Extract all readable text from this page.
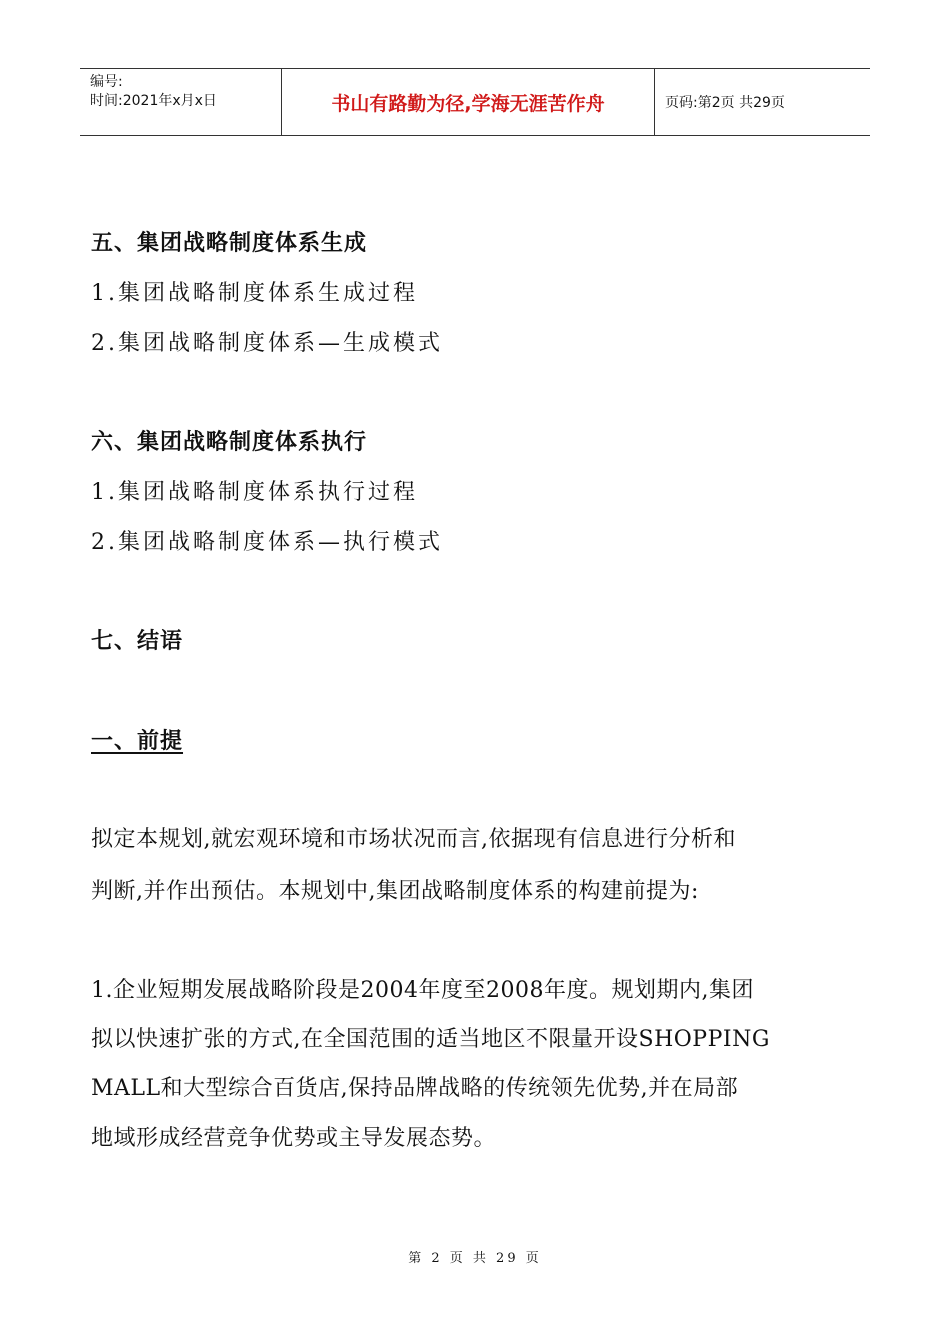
编号:
时间:2021年x月x日	书山有路勤为径,学海无涯苦作舟	页码:第2页 共29页
五、集团战略制度体系生成
1.集团战略制度体系生成过程
2.集团战略制度体系—生成模式
六、集团战略制度体系执行
1.集团战略制度体系执行过程
2.集团战略制度体系—执行模式
七、结语
一、前提
拟定本规划,就宏观环境和市场状况而言,依据现有信息进行分析和
判断,并作出预估。本规划中,集团战略制度体系的构建前提为:
1.企业短期发展战略阶段是2004年度至2008年度。规划期内,集团
拟以快速扩张的方式,在全国范围的适当地区不限量开设SHOPPING
MALL和大型综合百货店,保持品牌战略的传统领先优势,并在局部
地域形成经营竞争优势或主导发展态势。
第 2 页 共 29 页
